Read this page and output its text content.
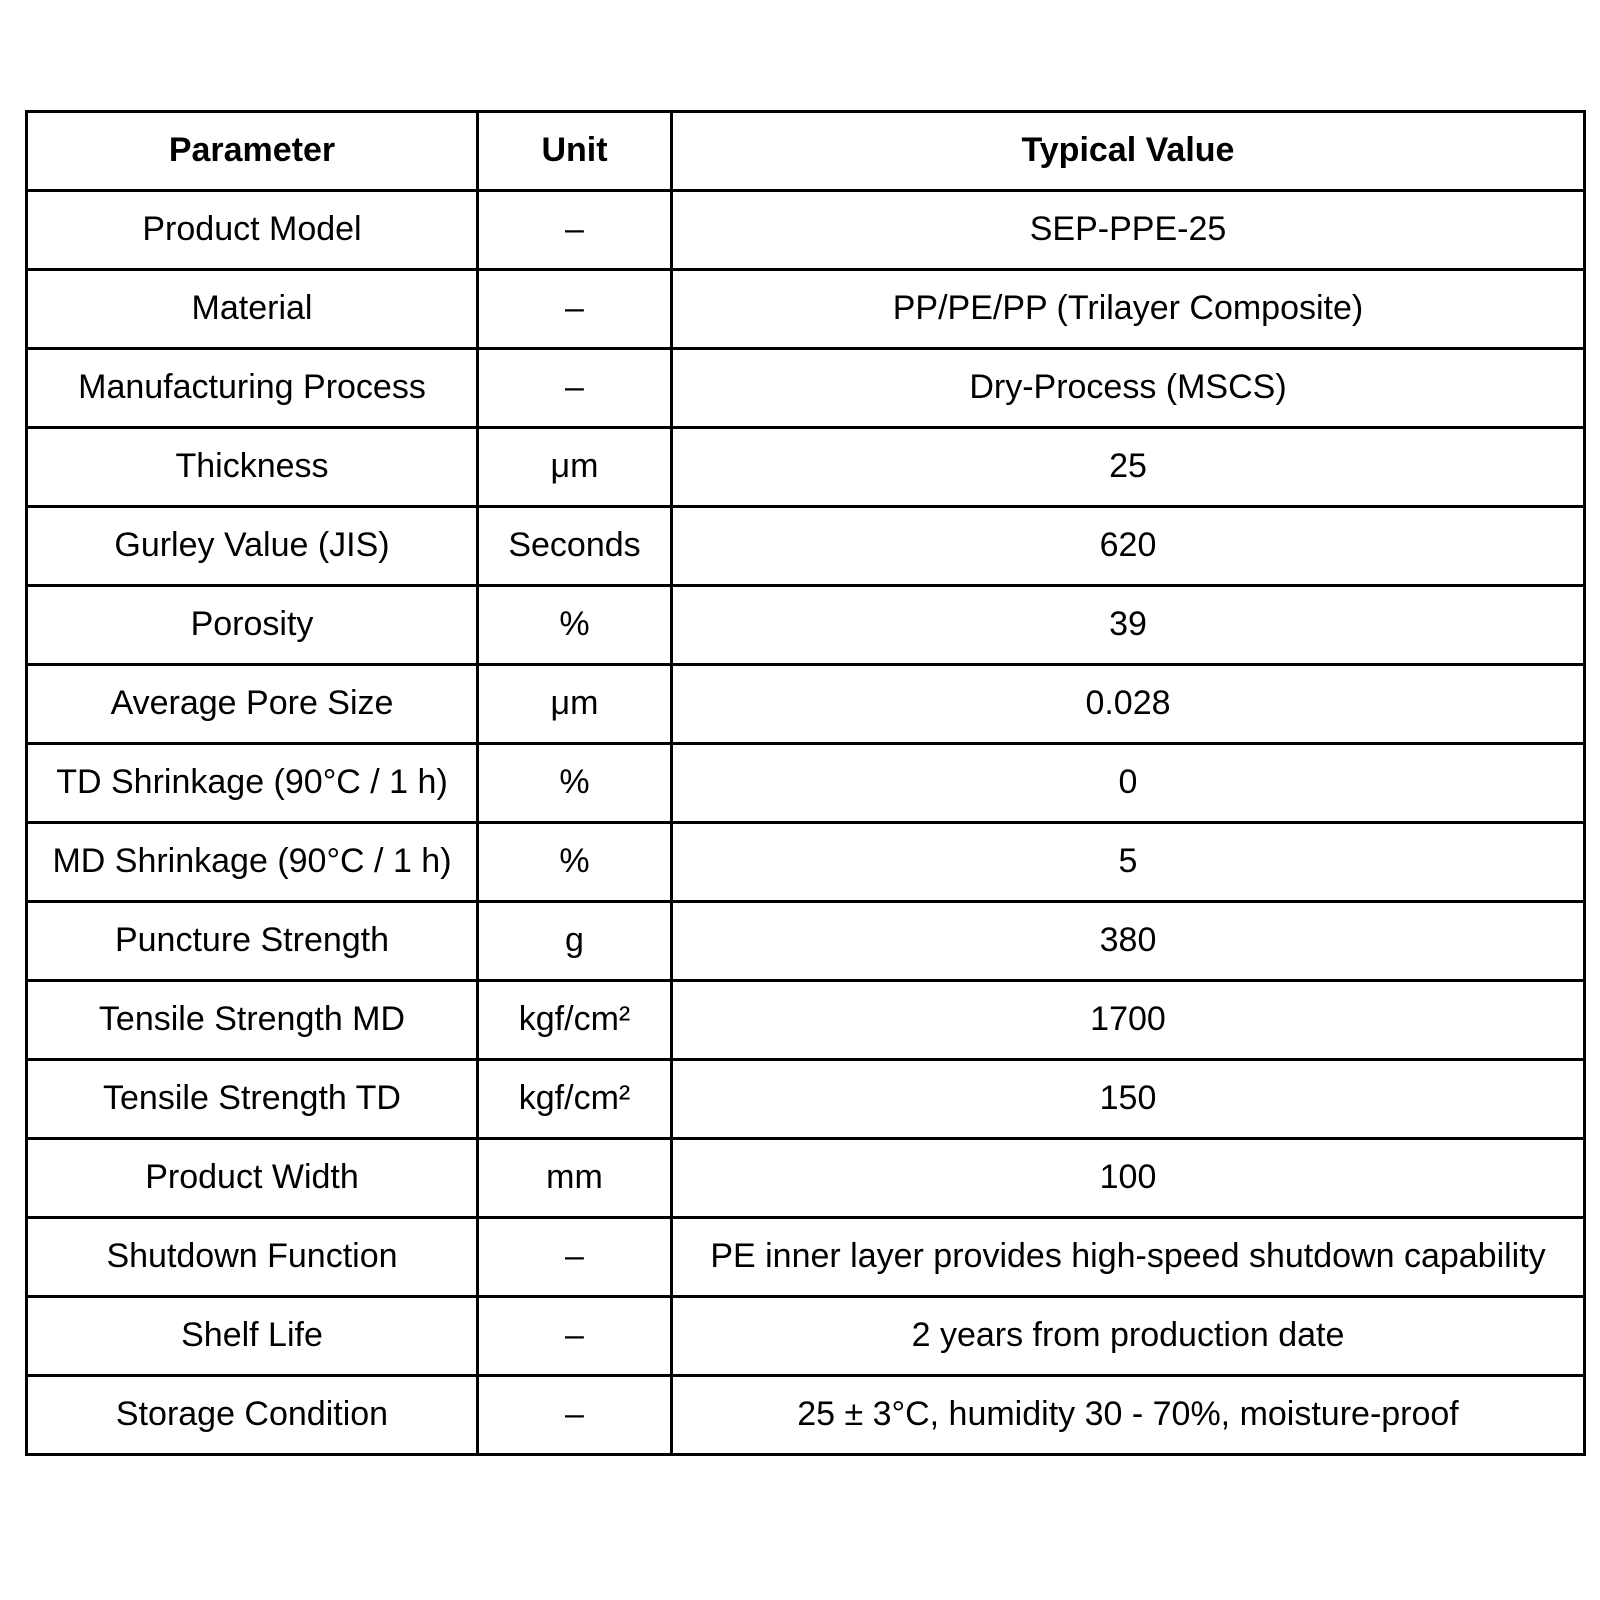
Parameter	Unit	Typical Value
Product Model	–	SEP-PPE-25
Material	–	PP/PE/PP (Trilayer Composite)
Manufacturing Process	–	Dry-Process (MSCS)
Thickness	μm	25
Gurley Value (JIS)	Seconds	620
Porosity	%	39
Average Pore Size	μm	0.028
TD Shrinkage (90°C / 1 h)	%	0
MD Shrinkage (90°C / 1 h)	%	5
Puncture Strength	g	380
Tensile Strength MD	kgf/cm²	1700
Tensile Strength TD	kgf/cm²	150
Product Width	mm	100
Shutdown Function	–	PE inner layer provides high-speed shutdown capability
Shelf Life	–	2 years from production date
Storage Condition	–	25 ± 3°C, humidity 30 - 70%, moisture-proof
